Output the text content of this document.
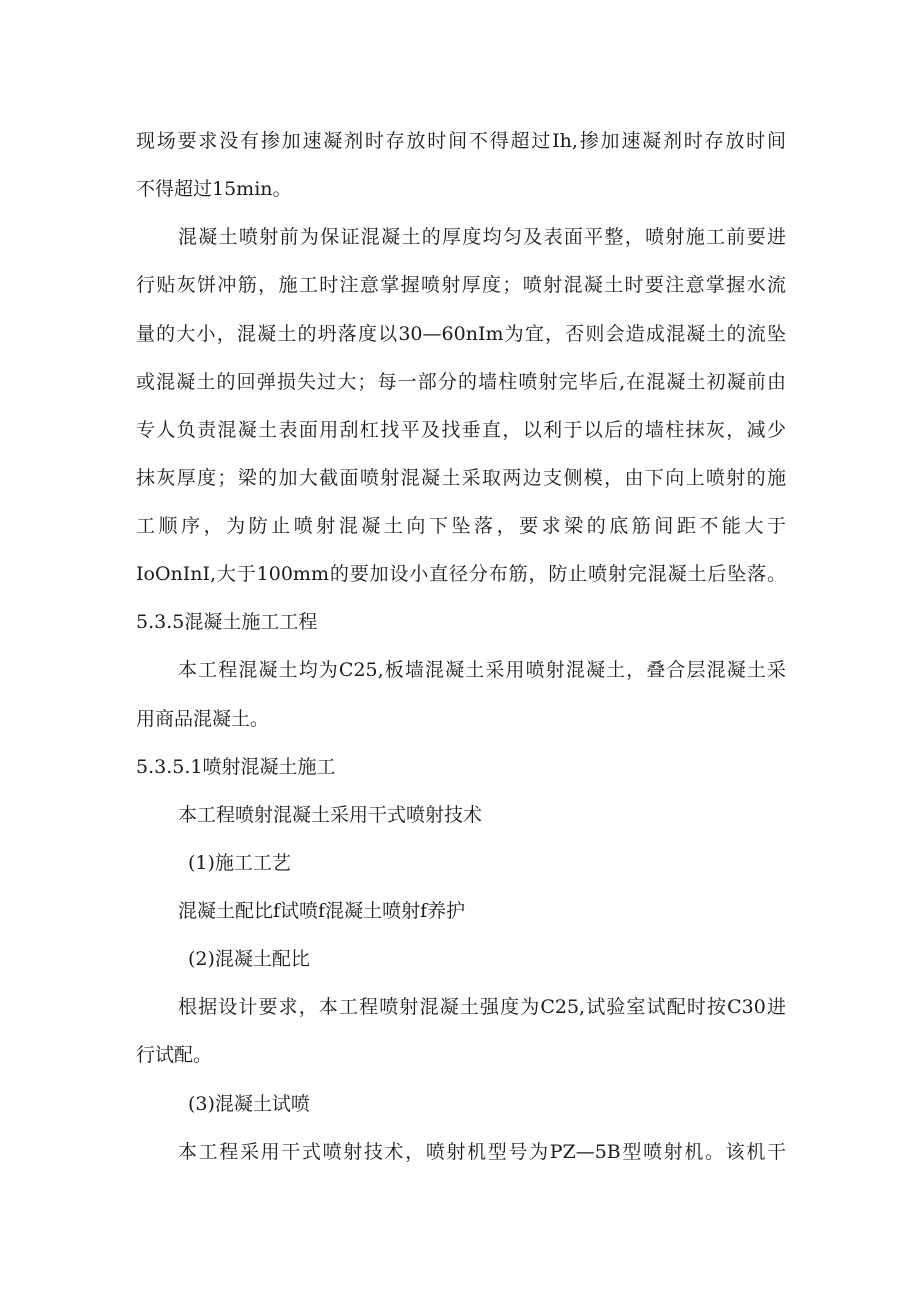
现场要求没有掺加速凝剂时存放时间不得超过Ih,掺加速凝剂时存放时间
不得超过15min。
混凝土喷射前为保证混凝土的厚度均匀及表面平整，喷射施工前要进
行贴灰饼冲筋，施工时注意掌握喷射厚度；喷射混凝土时要注意掌握水流
量的大小，混凝土的坍落度以30—60nIm为宜，否则会造成混凝土的流坠
或混凝土的回弹损失过大；每一部分的墙柱喷射完毕后,在混凝土初凝前由
专人负责混凝土表面用刮杠找平及找垂直，以利于以后的墙柱抹灰，减少
抹灰厚度；梁的加大截面喷射混凝土采取两边支侧模，由下向上喷射的施
工顺序，为防止喷射混凝土向下坠落，要求梁的底筋间距不能大于
IoOnInI,大于100mm的要加设小直径分布筋，防止喷射完混凝土后坠落。
5.3.5混凝土施工工程
本工程混凝土均为C25,板墙混凝土采用喷射混凝土，叠合层混凝土采
用商品混凝土。
5.3.5.1喷射混凝土施工
本工程喷射混凝土采用干式喷射技术
(1)施工工艺
混凝土配比f试喷f混凝土喷射f养护
(2)混凝土配比
根据设计要求，本工程喷射混凝土强度为C25,试验室试配时按C30进
行试配。
(3)混凝土试喷
本工程采用干式喷射技术，喷射机型号为PZ—5B型喷射机。该机干
